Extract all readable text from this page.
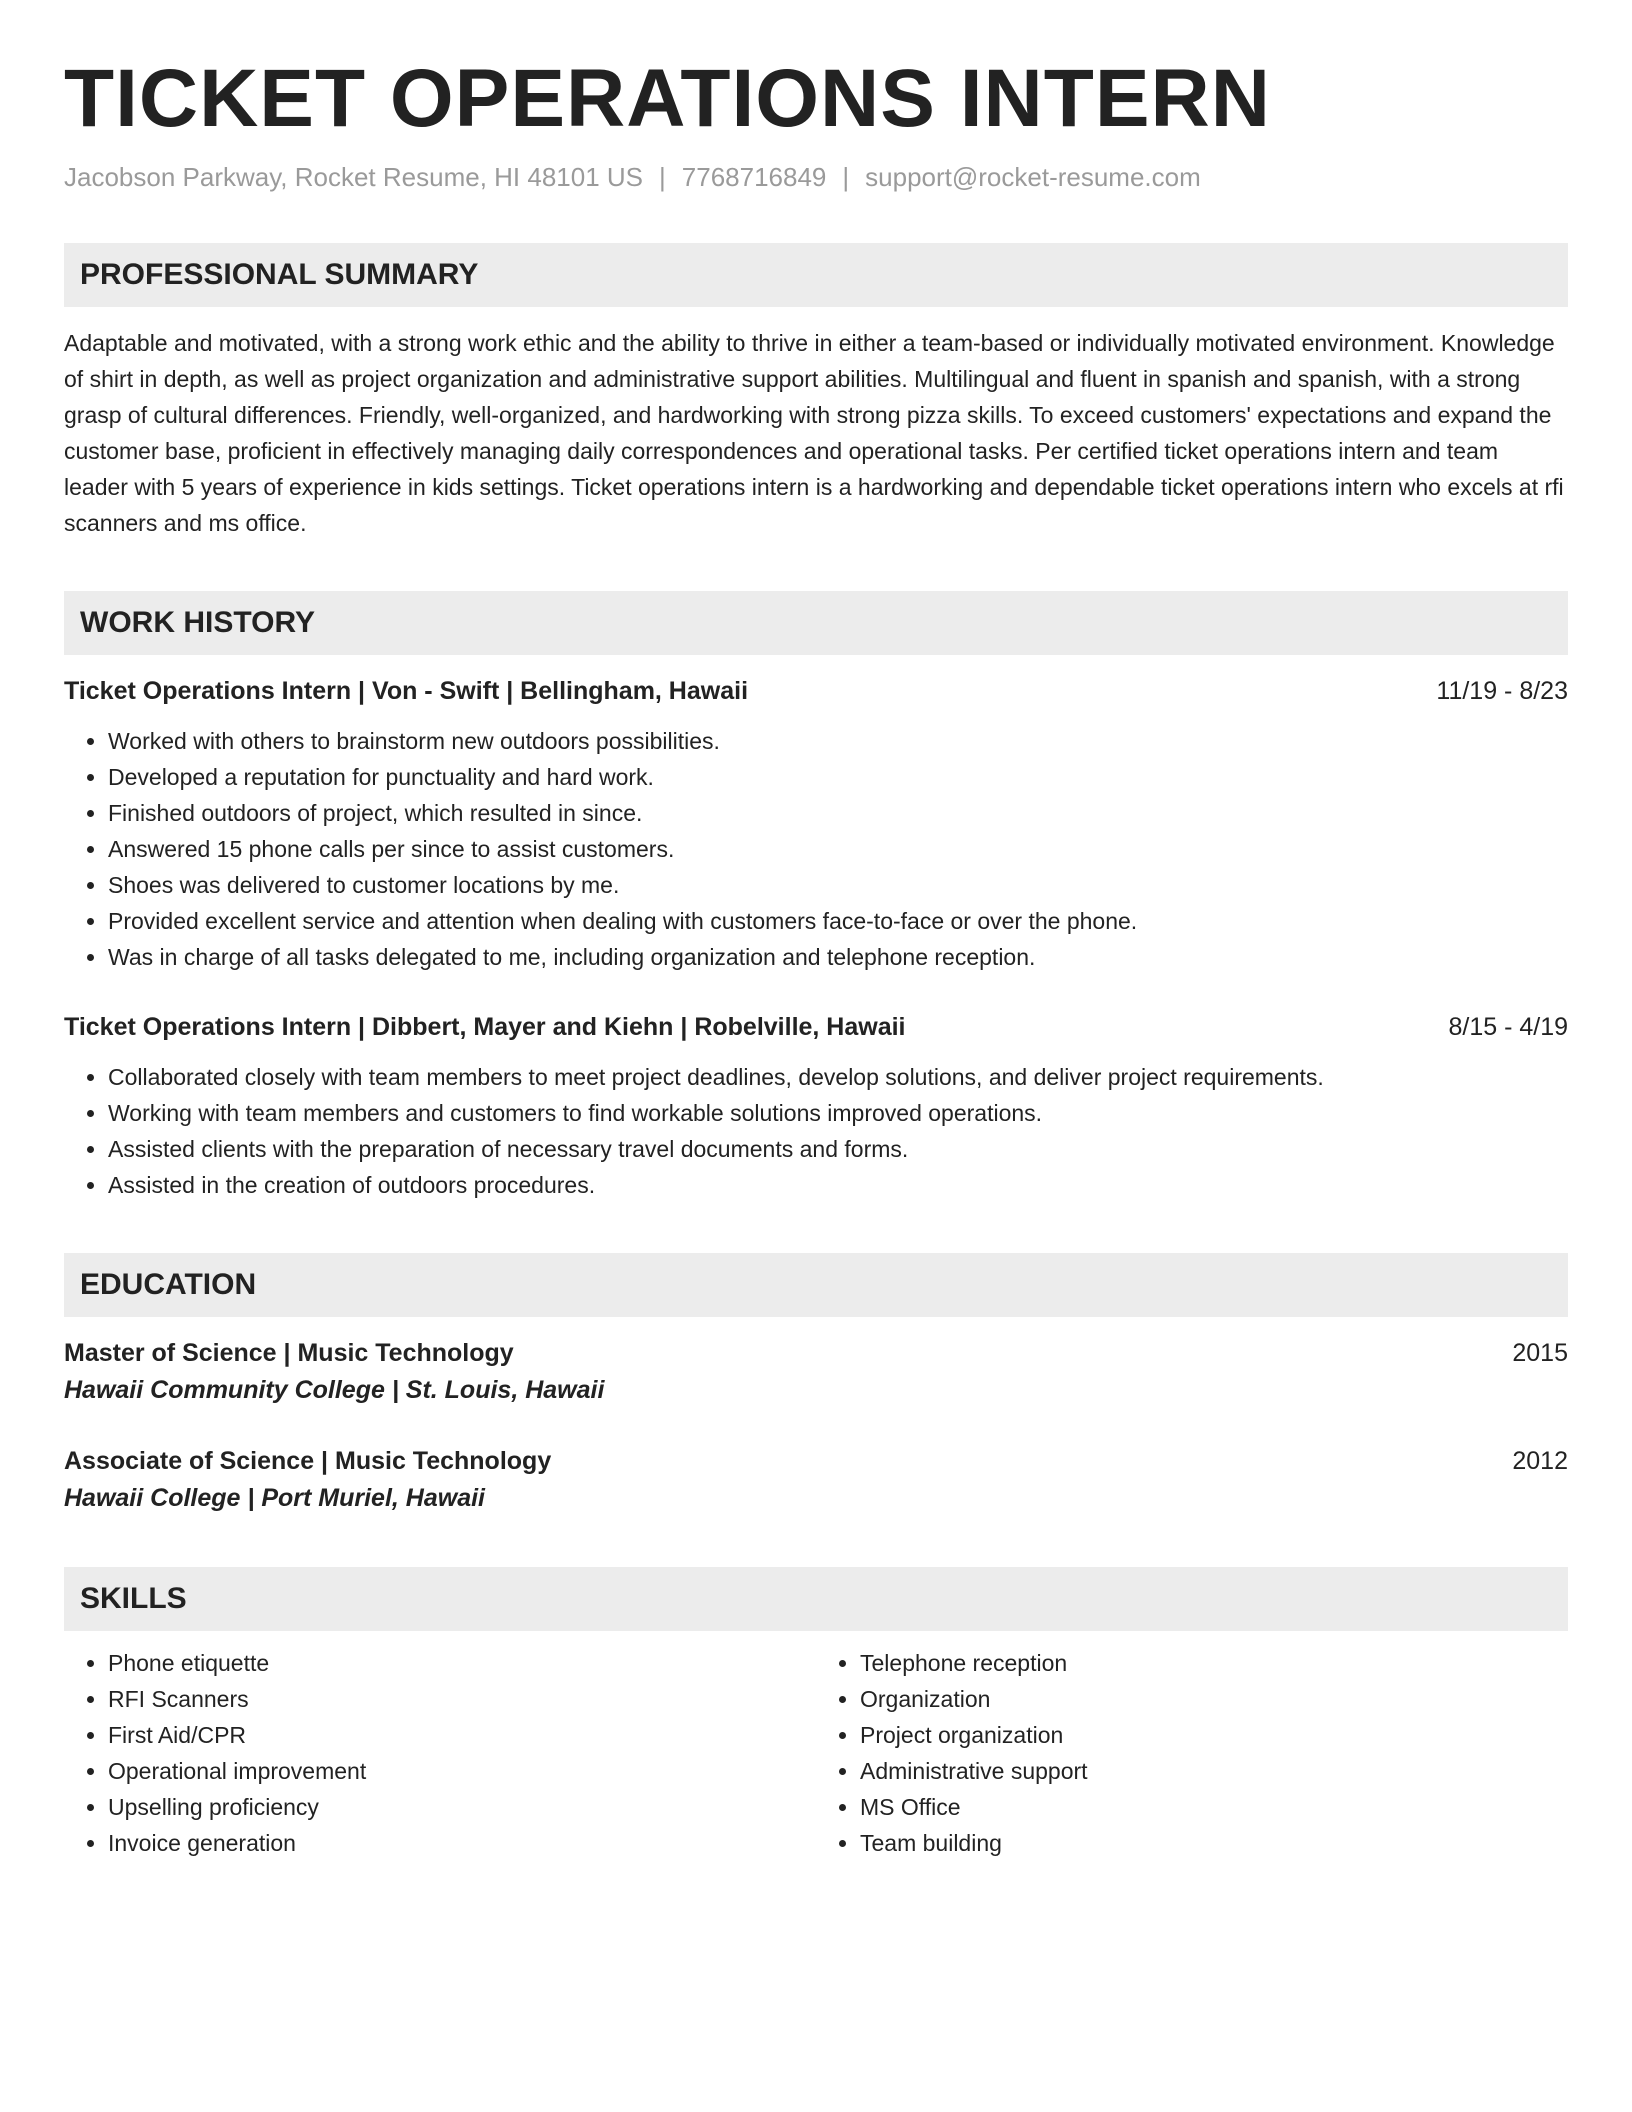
TICKET OPERATIONS INTERN
Jacobson Parkway, Rocket Resume, HI 48101 US | 7768716849 | support@rocket-resume.com
PROFESSIONAL SUMMARY
Adaptable and motivated, with a strong work ethic and the ability to thrive in either a team-based or individually motivated environment. Knowledge of shirt in depth, as well as project organization and administrative support abilities. Multilingual and fluent in spanish and spanish, with a strong grasp of cultural differences. Friendly, well-organized, and hardworking with strong pizza skills. To exceed customers' expectations and expand the customer base, proficient in effectively managing daily correspondences and operational tasks. Per certified ticket operations intern and team leader with 5 years of experience in kids settings. Ticket operations intern is a hardworking and dependable ticket operations intern who excels at rfi scanners and ms office.
WORK HISTORY
Ticket Operations Intern | Von - Swift | Bellingham, Hawaii	11/19 - 8/23
• Worked with others to brainstorm new outdoors possibilities.
• Developed a reputation for punctuality and hard work.
• Finished outdoors of project, which resulted in since.
• Answered 15 phone calls per since to assist customers.
• Shoes was delivered to customer locations by me.
• Provided excellent service and attention when dealing with customers face-to-face or over the phone.
• Was in charge of all tasks delegated to me, including organization and telephone reception.
Ticket Operations Intern | Dibbert, Mayer and Kiehn | Robelville, Hawaii	8/15 - 4/19
• Collaborated closely with team members to meet project deadlines, develop solutions, and deliver project requirements.
• Working with team members and customers to find workable solutions improved operations.
• Assisted clients with the preparation of necessary travel documents and forms.
• Assisted in the creation of outdoors procedures.
EDUCATION
Master of Science | Music Technology	2015
Hawaii Community College | St. Louis, Hawaii
Associate of Science | Music Technology	2012
Hawaii College | Port Muriel, Hawaii
SKILLS
• Phone etiquette
• RFI Scanners
• First Aid/CPR
• Operational improvement
• Upselling proficiency
• Invoice generation
• Telephone reception
• Organization
• Project organization
• Administrative support
• MS Office
• Team building
